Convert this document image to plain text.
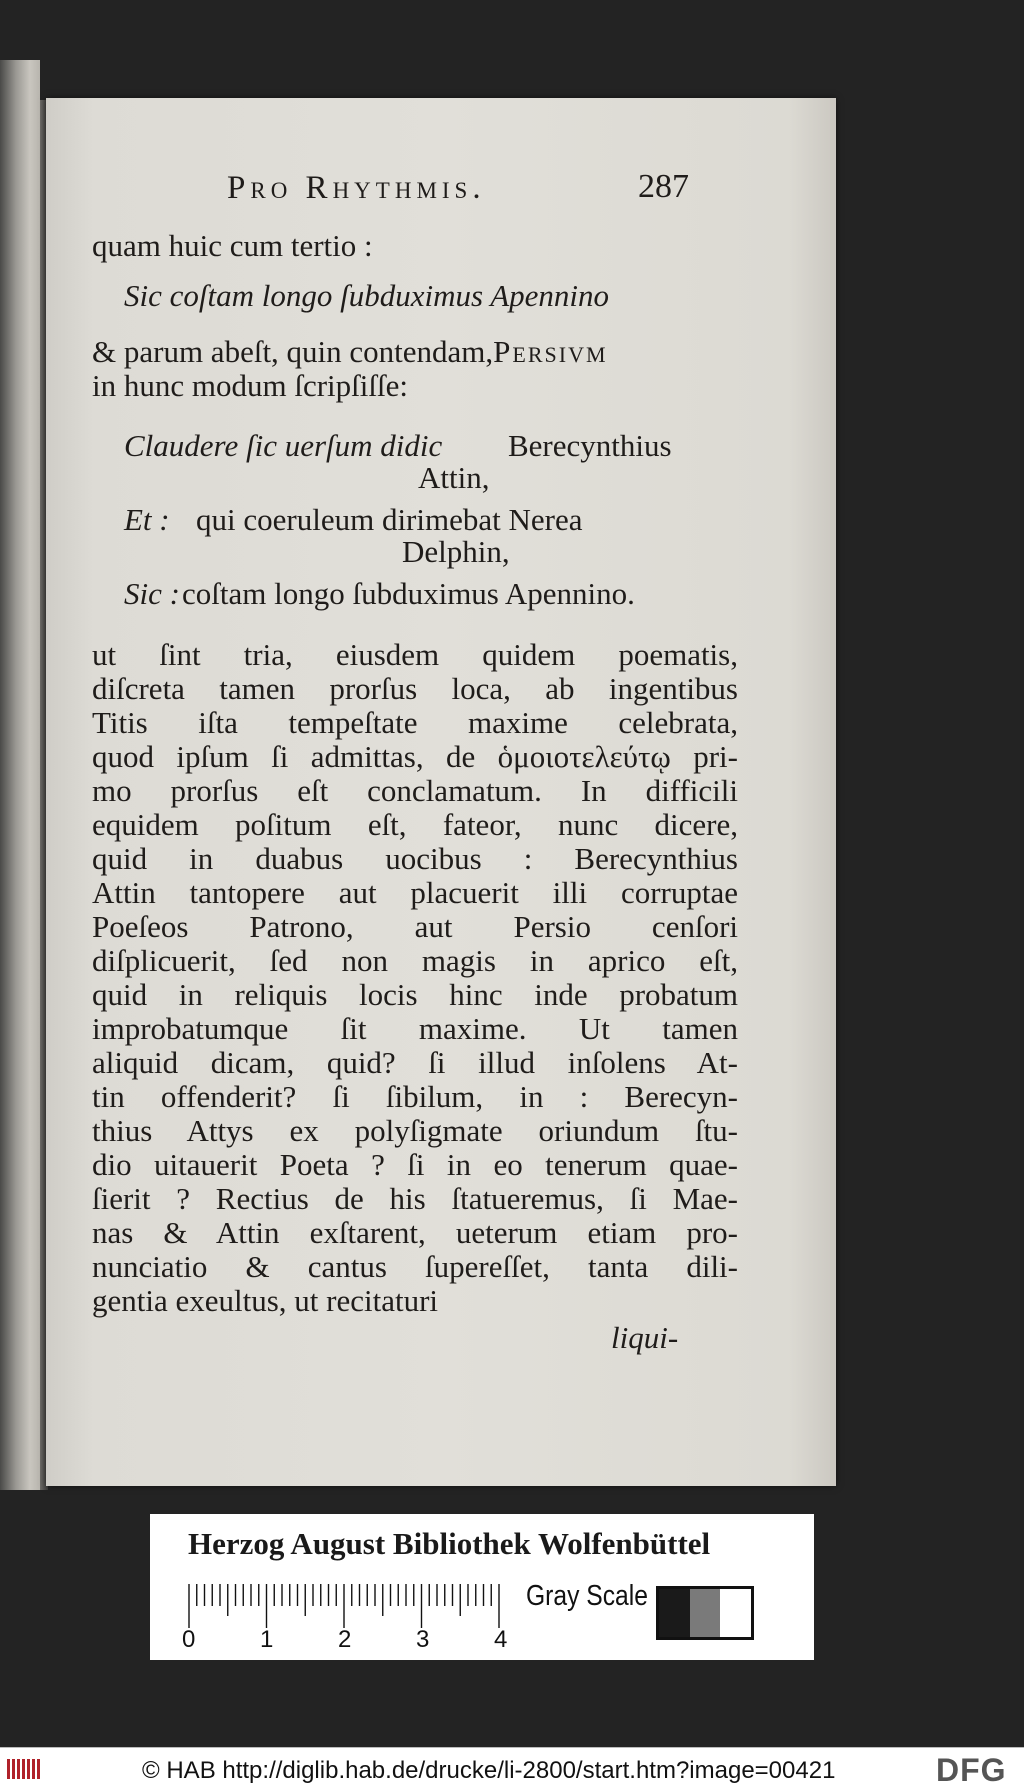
Pro Rhythmis.	287
quam huic cum tertio :
Sic coſtam longo ſubduximus Apennino
& parum abeſt, quin contendam,Persivm
in hunc modum ſcripſiſſe:
Claudere ſic uerſum didic Berecynthius
Attin,
Et : qui coeruleum dirimebat Nerea
Delphin,
Sic : coſtam longo ſubduximus Apennino.
ut ſint tria, eiusdem quidem poematis,
diſcreta tamen prorſus loca, ab ingentibus
Titis iſta tempeſtate maxime celebrata,
quod ipſum ſi admittas, de ὁμοιοτελεύτῳ pri-
mo prorſus eſt conclamatum. In difficili
equidem poſitum eſt, fateor, nunc dicere,
quid in duabus uocibus : Berecynthius
Attin tantopere aut placuerit illi corruptae
Poeſeos Patrono, aut Persio cenſori
diſplicuerit, ſed non magis in aprico eſt,
quid in reliquis locis hinc inde probatum
improbatumque ſit maxime. Ut tamen
aliquid dicam, quid? ſi illud inſolens At-
tin offenderit? ſi ſibilum, in : Berecyn-
thius Attys ex polyſigmate oriundum ſtu-
dio uitauerit Poeta ? ſi in eo tenerum quae-
ſierit ? Rectius de his ſtatueremus, ſi Mae-
nas & Attin exſtarent, ueterum etiam pro-
nunciatio & cantus ſupereſſet, tanta dili-
gentia exeultus, ut recitaturi
liqui-
Herzog August Bibliothek Wolfenbüttel
0	1	2	3	4
Gray Scale
© HAB http://diglib.hab.de/drucke/li-2800/start.htm?image=00421	DFG
